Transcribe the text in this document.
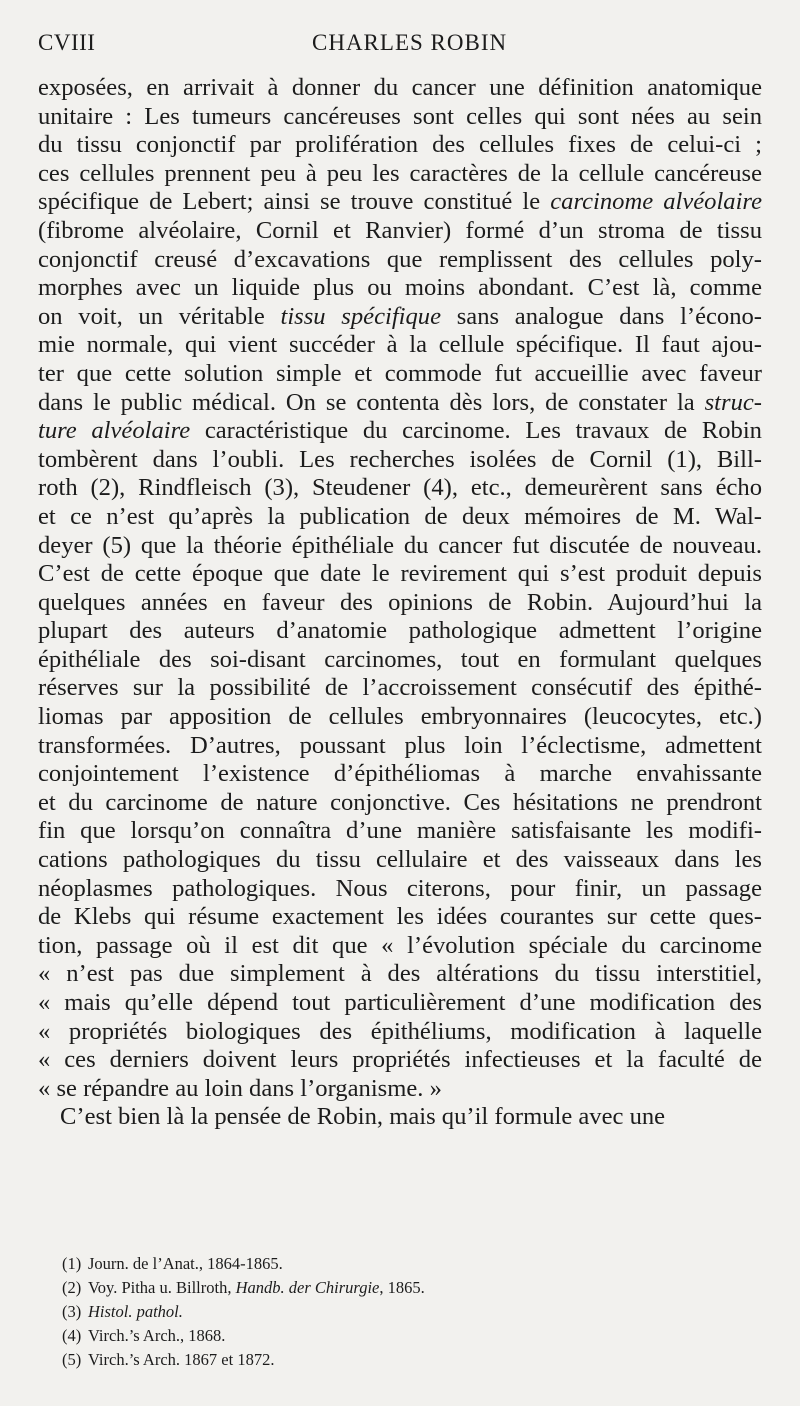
CVIII	CHARLES ROBIN
exposées, en arrivait à donner du cancer une définition anatomique
unitaire : Les tumeurs cancéreuses sont celles qui sont nées au sein
du tissu conjonctif par prolifération des cellules fixes de celui-ci ;
ces cellules prennent peu à peu les caractères de la cellule cancéreuse
spécifique de Lebert; ainsi se trouve constitué le carcinome alvéolaire
(fibrome alvéolaire, Cornil et Ranvier) formé d’un stroma de tissu
conjonctif creusé d’excavations que remplissent des cellules poly-
morphes avec un liquide plus ou moins abondant. C’est là, comme
on voit, un véritable tissu spécifique sans analogue dans l’écono-
mie normale, qui vient succéder à la cellule spécifique. Il faut ajou-
ter que cette solution simple et commode fut accueillie avec faveur
dans le public médical. On se contenta dès lors, de constater la struc-
ture alvéolaire caractéristique du carcinome. Les travaux de Robin
tombèrent dans l’oubli. Les recherches isolées de Cornil (1), Bill-
roth (2), Rindfleisch (3), Steudener (4), etc., demeurèrent sans écho
et ce n’est qu’après la publication de deux mémoires de M. Wal-
deyer (5) que la théorie épithéliale du cancer fut discutée de nouveau.
C’est de cette époque que date le revirement qui s’est produit depuis
quelques années en faveur des opinions de Robin. Aujourd’hui la
plupart des auteurs d’anatomie pathologique admettent l’origine
épithéliale des soi-disant carcinomes, tout en formulant quelques
réserves sur la possibilité de l’accroissement consécutif des épithé-
liomas par apposition de cellules embryonnaires (leucocytes, etc.)
transformées. D’autres, poussant plus loin l’éclectisme, admettent
conjointement l’existence d’épithéliomas à marche envahissante
et du carcinome de nature conjonctive. Ces hésitations ne prendront
fin que lorsqu’on connaîtra d’une manière satisfaisante les modifi-
cations pathologiques du tissu cellulaire et des vaisseaux dans les
néoplasmes pathologiques. Nous citerons, pour finir, un passage
de Klebs qui résume exactement les idées courantes sur cette ques-
tion, passage où il est dit que « l’évolution spéciale du carcinome
« n’est pas due simplement à des altérations du tissu interstitiel,
« mais qu’elle dépend tout particulièrement d’une modification des
« propriétés biologiques des épithéliums, modification à laquelle
« ces derniers doivent leurs propriétés infectieuses et la faculté de
« se répandre au loin dans l’organisme. »
C’est bien là la pensée de Robin, mais qu’il formule avec une
(1) Journ. de l’Anat., 1864-1865.
(2) Voy. Pitha u. Billroth, Handb. der Chirurgie, 1865.
(3) Histol. pathol.
(4) Virch.’s Arch., 1868.
(5) Virch.’s Arch. 1867 et 1872.
